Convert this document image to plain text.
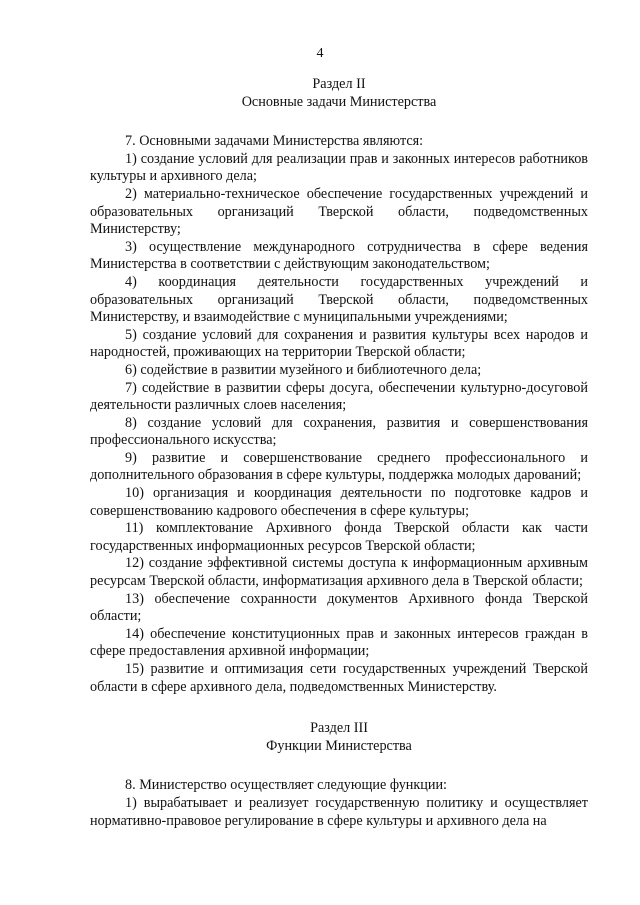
4
Раздел II
Основные задачи Министерства

7. Основными задачами Министерства являются:

1) создание условий для реализации прав и законных интересов работников культуры и архивного дела;

2) материально-техническое обеспечение государственных учреждений и образовательных организаций Тверской области, подведомственных Министерству;

3) осуществление международного сотрудничества в сфере ведения Министерства в соответствии с действующим законодательством;

4) координация деятельности государственных учреждений и образовательных организаций Тверской области, подведомственных Министерству, и взаимодействие с муниципальными учреждениями;

5) создание условий для сохранения и развития культуры всех народов и народностей, проживающих на территории Тверской области;

6) содействие в развитии музейного и библиотечного дела;

7) содействие в развитии сферы досуга, обеспечении культурно-досуговой деятельности различных слоев населения;

8) создание условий для сохранения, развития и совершенствования профессионального искусства;

9) развитие и совершенствование среднего профессионального и дополнительного образования в сфере культуры, поддержка молодых дарований;

10) организация и координация деятельности по подготовке кадров и совершенствованию кадрового обеспечения в сфере культуры;

11) комплектование Архивного фонда Тверской области как части государственных информационных ресурсов Тверской области;

12) создание эффективной системы доступа к информационным архивным ресурсам Тверской области, информатизация архивного дела в Тверской области;

13) обеспечение сохранности документов Архивного фонда Тверской области;

14) обеспечение конституционных прав и законных интересов граждан в сфере предоставления архивной информации;

15) развитие и оптимизация сети государственных учреждений Тверской области в сфере архивного дела, подведомственных Министерству.

Раздел III
Функции Министерства

8. Министерство осуществляет следующие функции:

1) вырабатывает и реализует государственную политику и осуществляет нормативно-правовое регулирование в сфере культуры и архивного дела на
